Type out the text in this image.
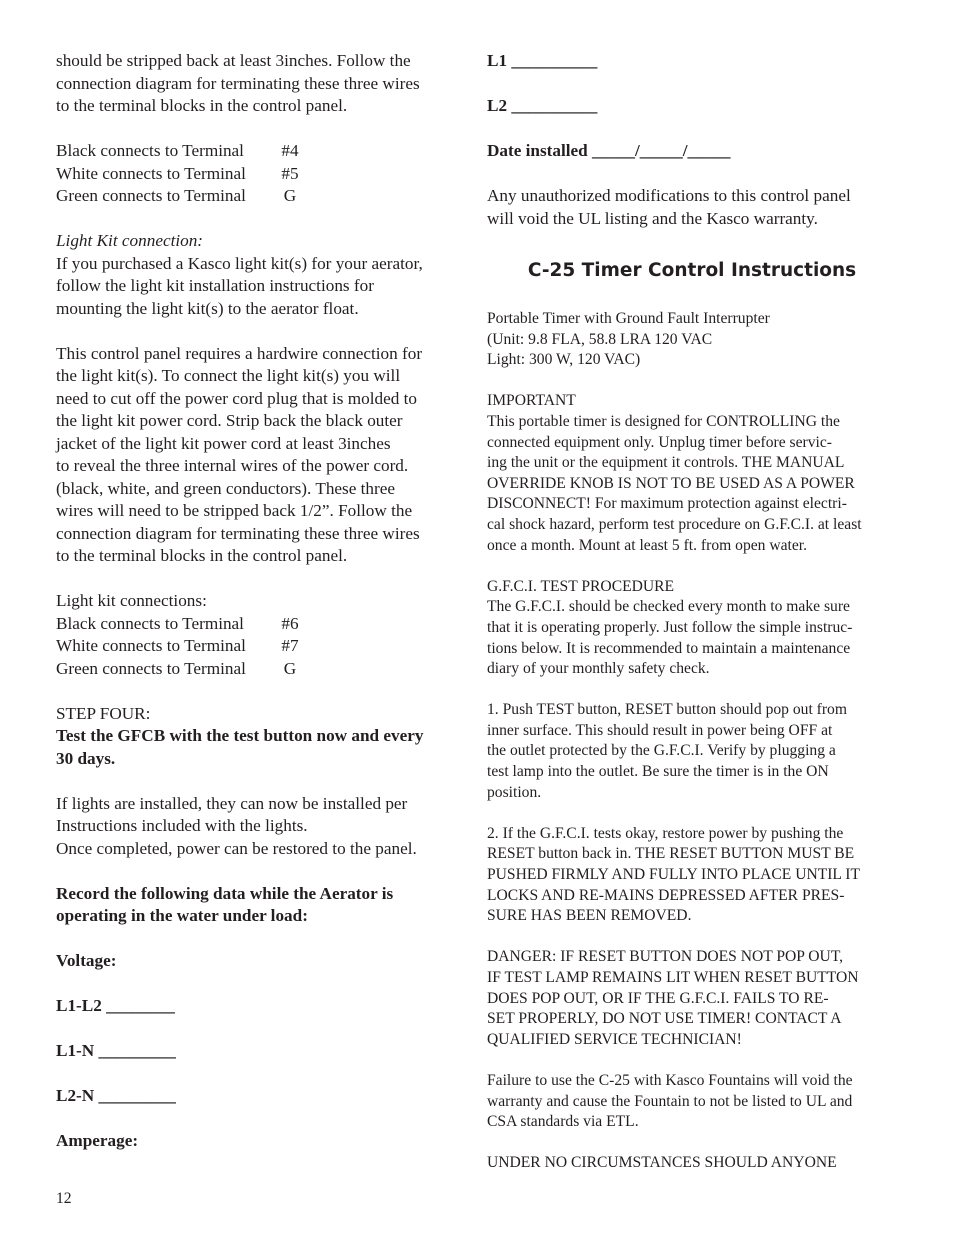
should be stripped back at least 3inches. Follow the
connection diagram for terminating these three wires
to the terminal blocks in the control panel.

Black connects to Terminal	#4
White connects to Terminal	#5
Green connects to Terminal	G

Light Kit connection:

If you purchased a Kasco light kit(s) for your aerator,
follow the light kit installation instructions for
mounting the light kit(s) to the aerator float.

This control panel requires a hardwire connection for
the light kit(s). To connect the light kit(s) you will
need to cut off the power cord plug that is molded to
the light kit power cord. Strip back the black outer
jacket of the light kit power cord at least 3inches
to reveal the three internal wires of the power cord.
(black, white, and green conductors). These three
wires will need to be stripped back 1/2”. Follow the
connection diagram for terminating these three wires
to the terminal blocks in the control panel.

Light kit connections:

Black connects to Terminal	#6
White connects to Terminal	#7
Green connects to Terminal	G

STEP FOUR:

Test the GFCB with the test button now and every
30 days.

If lights are installed, they can now be installed per
Instructions included with the lights.
Once completed, power can be restored to the panel.

Record the following data while the Aerator is
operating in the water under load:

Voltage:

L1-L2 ________

L1-N _________

L2-N _________

Amperage:

L1 __________

L2 __________

Date installed _____/_____/_____

Any unauthorized modifications to this control panel
will void the UL listing and the Kasco warranty.

C-25 Timer Control Instructions

Portable Timer with Ground Fault Interrupter
(Unit: 9.8 FLA, 58.8 LRA 120 VAC
Light: 300 W, 120 VAC)

IMPORTANT
This portable timer is designed for CONTROLLING the
connected equipment only. Unplug timer before servic-
ing the unit or the equipment it controls. THE MANUAL
OVERRIDE KNOB IS NOT TO BE USED AS A POWER
DISCONNECT! For maximum protection against electri-
cal shock hazard, perform test procedure on G.F.C.I. at least
once a month. Mount at least 5 ft. from open water.

G.F.C.I. TEST PROCEDURE
The G.F.C.I. should be checked every month to make sure
that it is operating properly. Just follow the simple instruc-
tions below. It is recommended to maintain a maintenance
diary of your monthly safety check.

1. Push TEST button, RESET button should pop out from
inner surface. This should result in power being OFF at
the outlet protected by the G.F.C.I. Verify by plugging a
test lamp into the outlet. Be sure the timer is in the ON
position.

2. If the G.F.C.I. tests okay, restore power by pushing the
RESET button back in. THE RESET BUTTON MUST BE
PUSHED FIRMLY AND FULLY INTO PLACE UNTIL IT
LOCKS AND RE-MAINS DEPRESSED AFTER PRES-
SURE HAS BEEN REMOVED.

DANGER: IF RESET BUTTON DOES NOT POP OUT,
IF TEST LAMP REMAINS LIT WHEN RESET BUTTON
DOES POP OUT, OR IF THE G.F.C.I. FAILS TO RE-
SET PROPERLY, DO NOT USE TIMER! CONTACT A
QUALIFIED SERVICE TECHNICIAN!

Failure to use the C-25 with Kasco Fountains will void the
warranty and cause the Fountain to not be listed to UL and
CSA standards via ETL.

UNDER NO CIRCUMSTANCES SHOULD ANYONE

12
